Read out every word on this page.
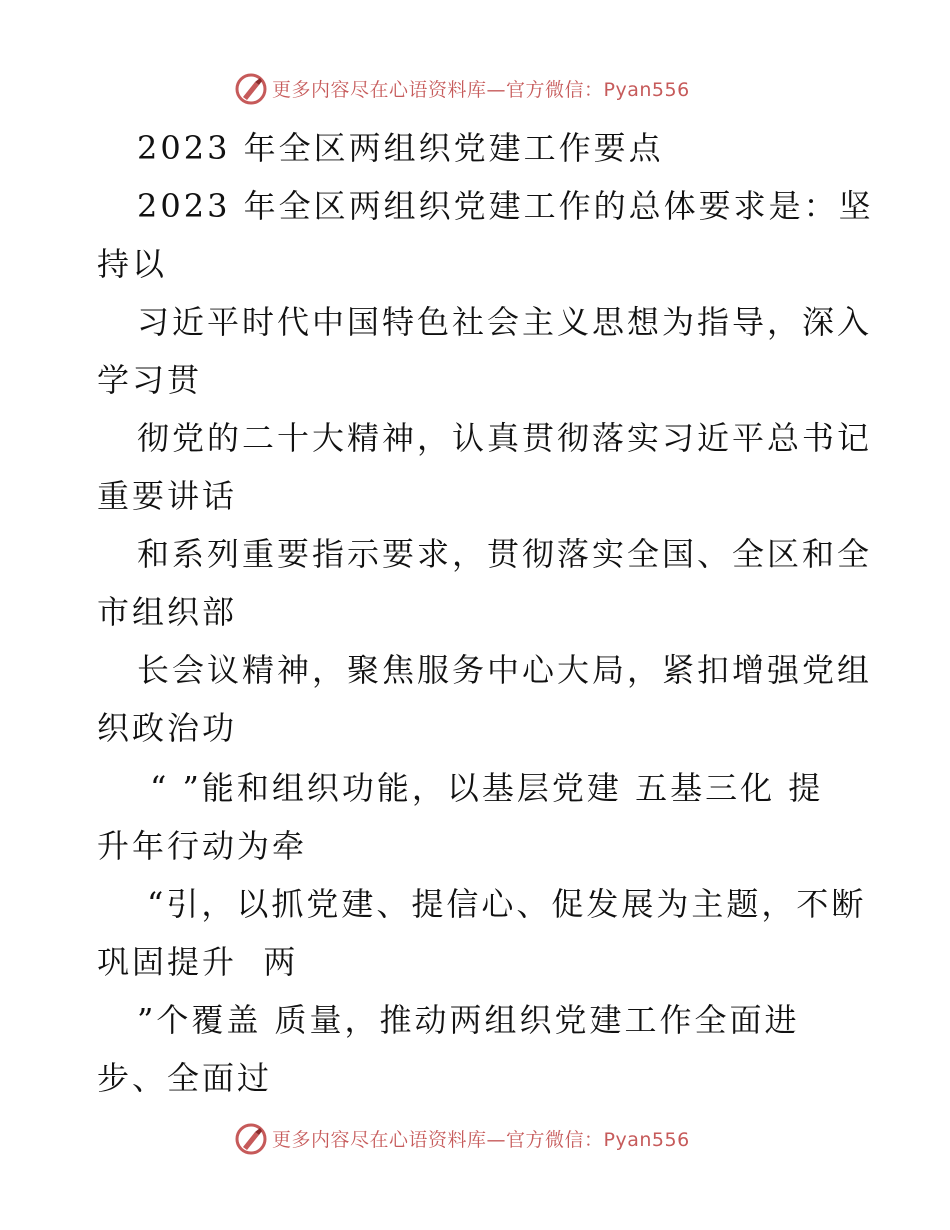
更多内容尽在心语资料库—官方微信：Pyan556
2023 年全区两组织党建工作要点
2023 年全区两组织党建工作的总体要求是：坚
持以
习近平时代中国特色社会主义思想为指导，深入
学习贯
彻党的二十大精神，认真贯彻落实习近平总书记
重要讲话
和系列重要指示要求，贯彻落实全国、全区和全
市组织部
长会议精神，聚焦服务中心大局，紧扣增强党组
织政治功
“ ”能和组织功能，以基层党建 五基三化 提
升年行动为牵
“引，以抓党建、提信心、促发展为主题，不断
巩固提升  两
”个覆盖 质量，推动两组织党建工作全面进
步、全面过
更多内容尽在心语资料库—官方微信：Pyan556
